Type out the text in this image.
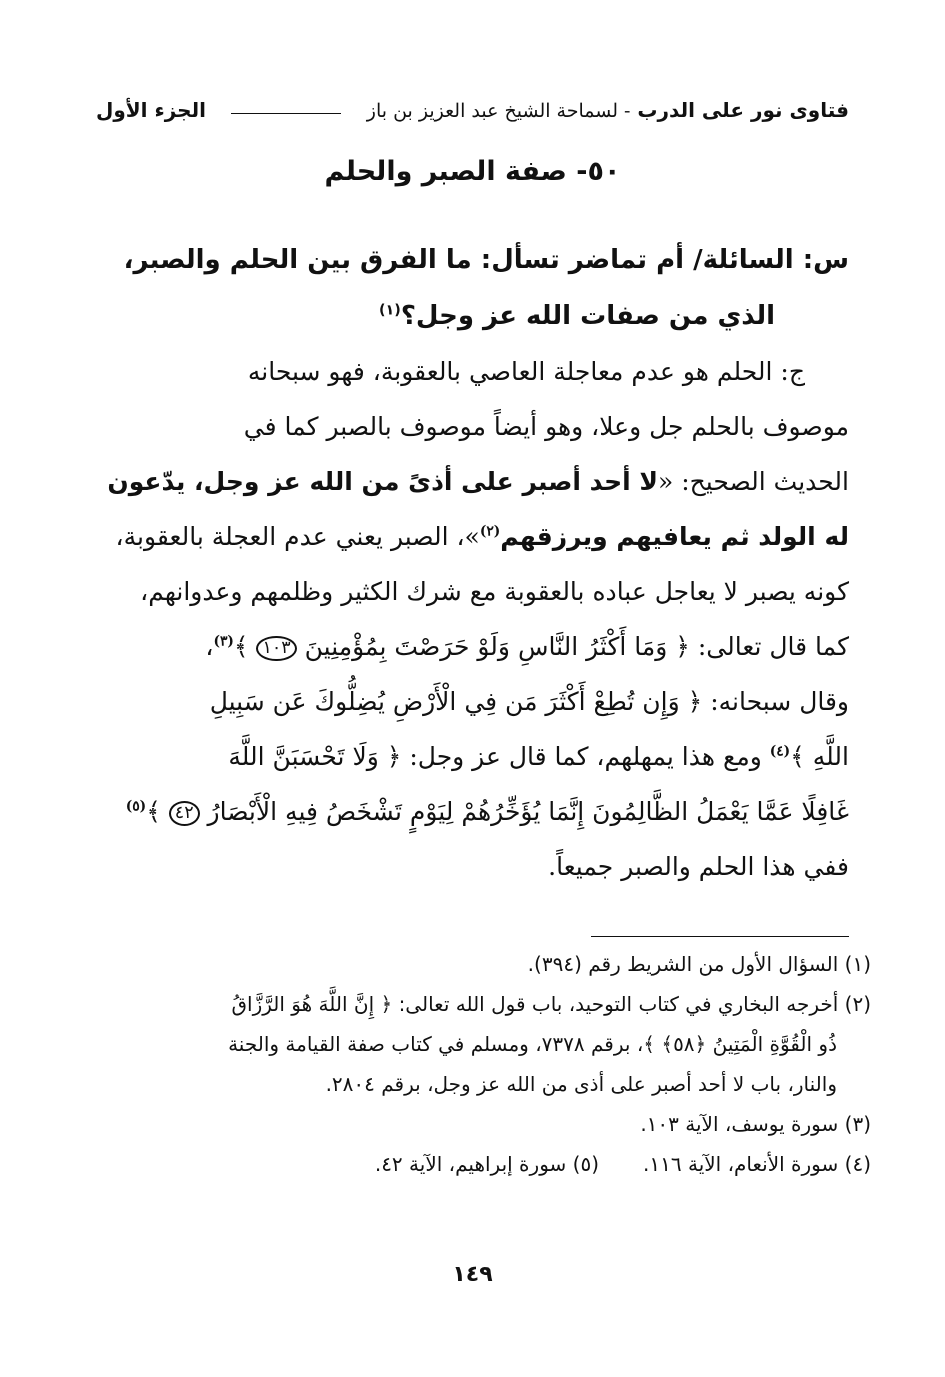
فتاوى نور على الدرب - لسماحة الشيخ عبد العزيز بن باز
الجزء الأول
٥٠- صفة الصبر والحلم
س: السائلة/ أم تماضر تسأل: ما الفرق بين الحلم والصبر،
الذي من صفات الله عز وجل؟$^{(١)}$
ج: الحلم هو عدم معاجلة العاصي بالعقوبة، فهو سبحانه
موصوف بالحلم جل وعلا، وهو أيضاً موصوف بالصبر كما في
الحديث الصحيح: «لا أحد أصبر على أذىً من الله عز وجل، يدّعون
له الولد ثم يعافيهم ويرزقهم$^{(٢)}$»، الصبر يعني عدم العجلة بالعقوبة،
كونه يصبر لا يعاجل عباده بالعقوبة مع شرك الكثير وظلمهم وعدوانهم،
كما قال تعالى: ﴿ وَمَا أَكْثَرُ النَّاسِ وَلَوْ حَرَصْتَ بِمُؤْمِنِينَ ١٠٣ ﴾$^{(٣)}$،
وقال سبحانه: ﴿ وَإِن تُطِعْ أَكْثَرَ مَن فِي الْأَرْضِ يُضِلُّوكَ عَن سَبِيلِ
اللَّهِ ﴾$^{(٤)}$ ومع هذا يمهلهم، كما قال عز وجل: ﴿ وَلَا تَحْسَبَنَّ اللَّهَ
غَافِلًا عَمَّا يَعْمَلُ الظَّالِمُونَ إِنَّمَا يُؤَخِّرُهُمْ لِيَوْمٍ تَشْخَصُ فِيهِ الْأَبْصَارُ ٤٢ ﴾$^{(٥)}$
ففي هذا الحلم والصبر جميعاً.
(١) السؤال الأول من الشريط رقم (٣٩٤).
(٢) أخرجه البخاري في كتاب التوحيد، باب قول الله تعالى: ﴿ إِنَّ اللَّهَ هُوَ الرَّزَّاقُ
ذُو الْقُوَّةِ الْمَتِينُ ﴿٥٨﴾ ﴾، برقم ٧٣٧٨، ومسلم في كتاب صفة القيامة والجنة
والنار، باب لا أحد أصبر على أذى من الله عز وجل، برقم ٢٨٠٤.
(٣) سورة يوسف، الآية ١٠٣.
(٤) سورة الأنعام، الآية ١١٦.
(٥) سورة إبراهيم، الآية ٤٢.
١٤٩
